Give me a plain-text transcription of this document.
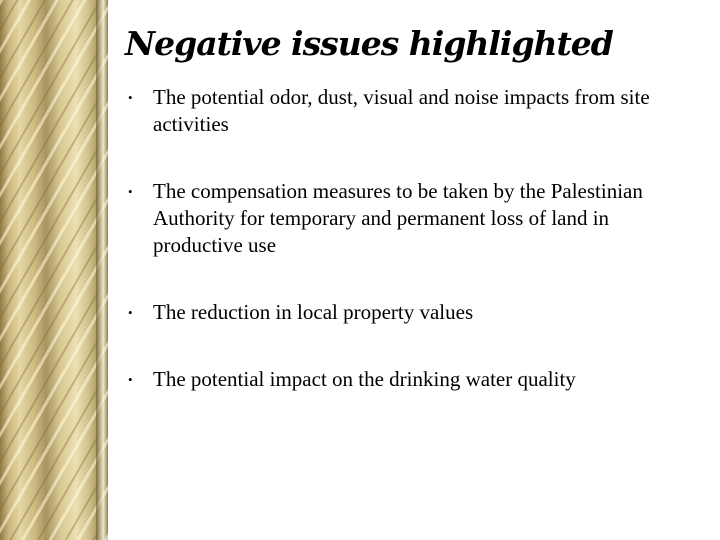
Negative issues highlighted
• The potential odor, dust, visual and noise impacts from site activities
• The compensation measures to be taken by the Palestinian Authority for temporary and permanent loss of land in productive use
• The reduction in local property values
• The potential impact on the drinking water quality
